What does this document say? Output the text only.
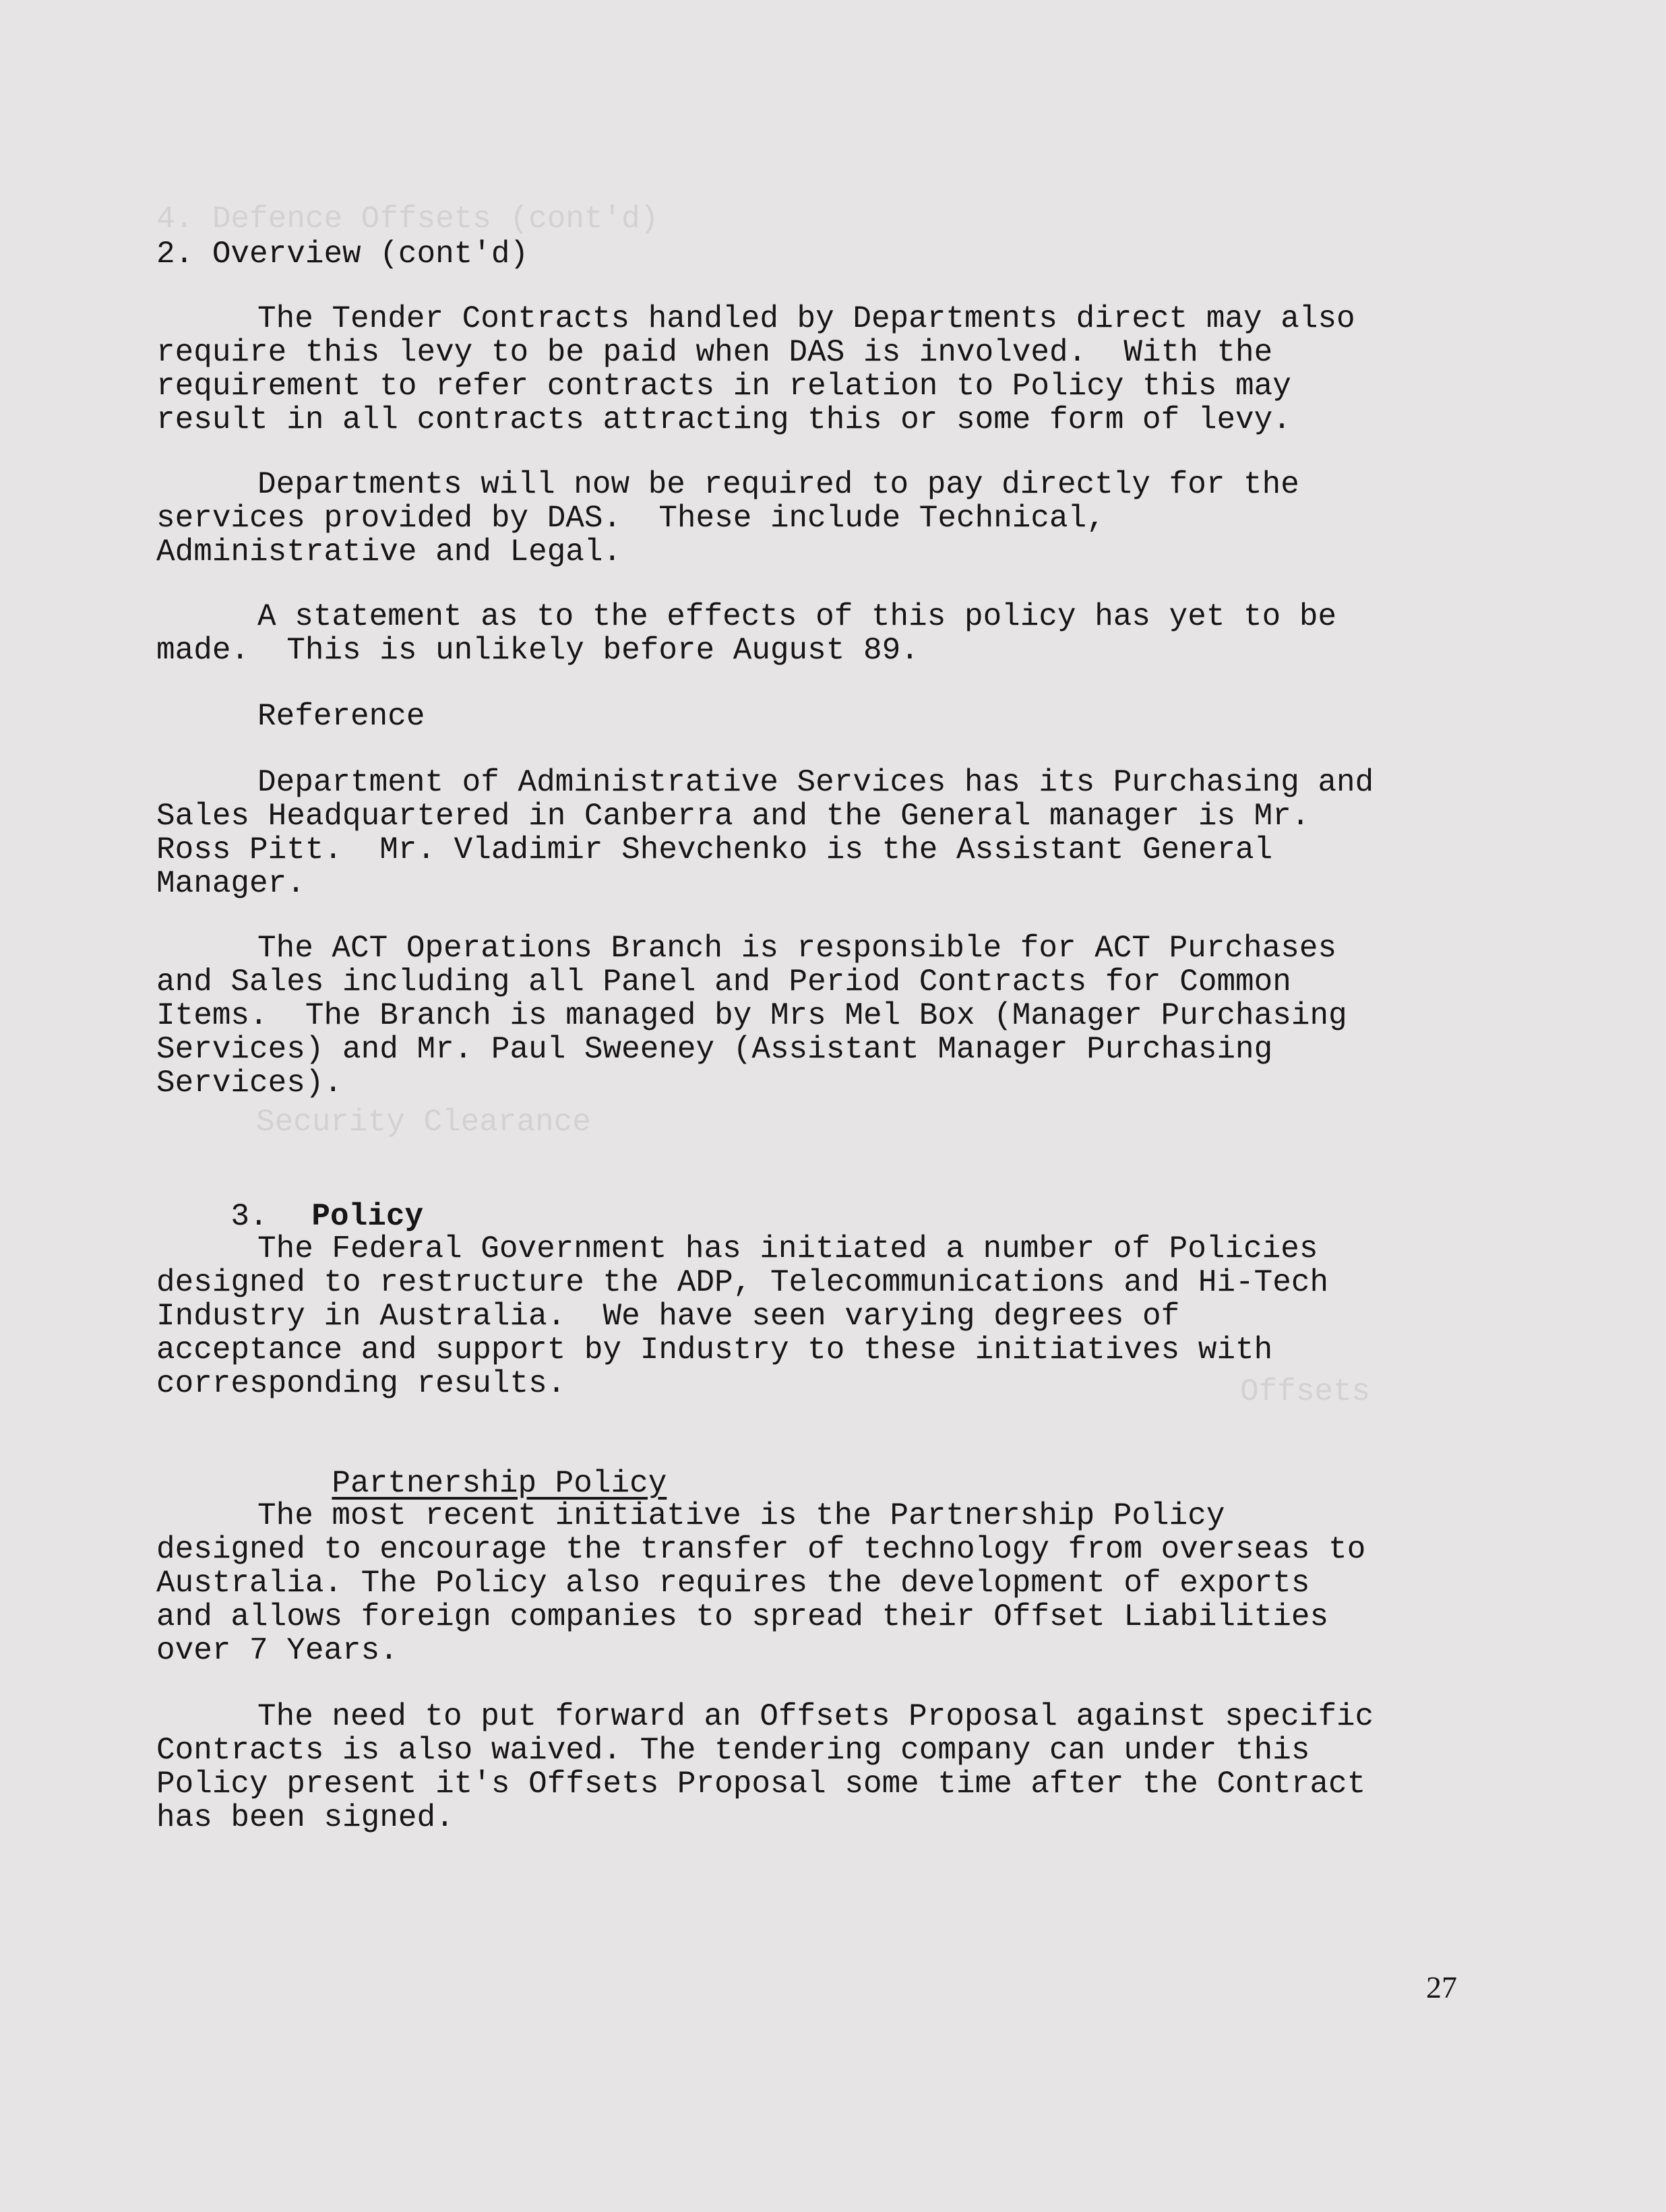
4. Defence Offsets (cont'd)
Security Clearance
Offsets
2. Overview (cont'd)
The Tender Contracts handled by Departments direct may also
require this levy to be paid when DAS is involved.  With the
requirement to refer contracts in relation to Policy this may
result in all contracts attracting this or some form of levy.
Departments will now be required to pay directly for the
services provided by DAS.  These include Technical,
Administrative and Legal.
A statement as to the effects of this policy has yet to be
made.  This is unlikely before August 89.
Reference
Department of Administrative Services has its Purchasing and
Sales Headquartered in Canberra and the General manager is Mr.
Ross Pitt.  Mr. Vladimir Shevchenko is the Assistant General
Manager.
The ACT Operations Branch is responsible for ACT Purchases
and Sales including all Panel and Period Contracts for Common
Items.  The Branch is managed by Mrs Mel Box (Manager Purchasing
Services) and Mr. Paul Sweeney (Assistant Manager Purchasing
Services).

3. Policy

The Federal Government has initiated a number of Policies
designed to restructure the ADP, Telecommunications and Hi-Tech
Industry in Australia.  We have seen varying degrees of
acceptance and support by Industry to these initiatives with
corresponding results.

Partnership Policy

The most recent initiative is the Partnership Policy
designed to encourage the transfer of technology from overseas to
Australia. The Policy also requires the development of exports
and allows foreign companies to spread their Offset Liabilities
over 7 Years.
The need to put forward an Offsets Proposal against specific
Contracts is also waived. The tendering company can under this
Policy present it's Offsets Proposal some time after the Contract
has been signed.
27
